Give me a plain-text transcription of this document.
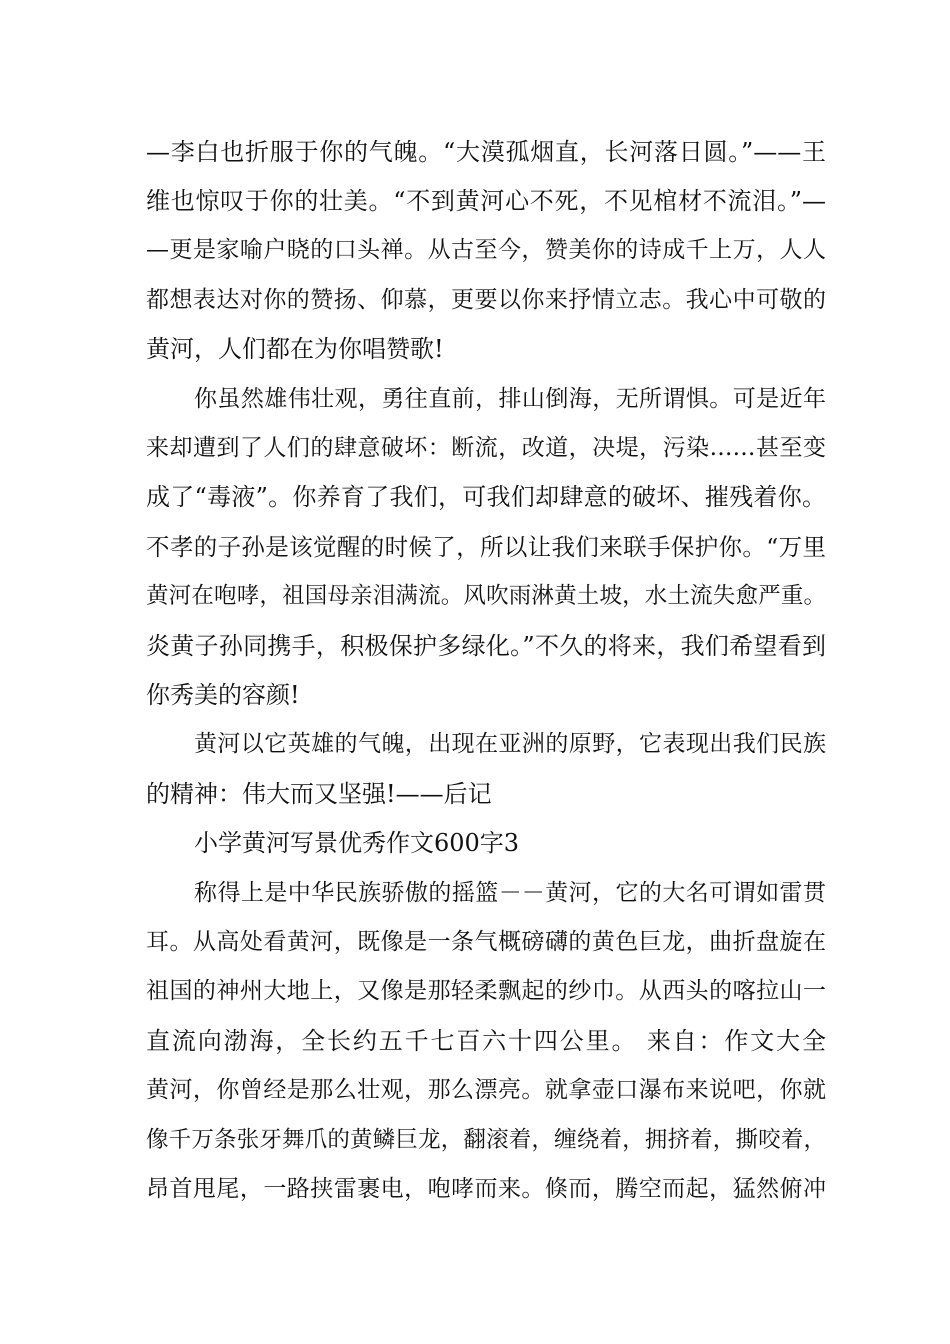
—李白也折服于你的气魄。“大漠孤烟直，长河落日圆。”——王
维也惊叹于你的壮美。“不到黄河心不死，不见棺材不流泪。”—
—更是家喻户晓的口头禅。从古至今，赞美你的诗成千上万，人人
都想表达对你的赞扬、仰慕，更要以你来抒情立志。我心中可敬的
黄河，人们都在为你唱赞歌!
你虽然雄伟壮观，勇往直前，排山倒海，无所谓惧。可是近年
来却遭到了人们的肆意破坏：断流，改道，决堤，污染……甚至变
成了“毒液”。你养育了我们，可我们却肆意的破坏、摧残着你。
不孝的子孙是该觉醒的时候了，所以让我们来联手保护你。“万里
黄河在咆哮，祖国母亲泪满流。风吹雨淋黄土坡，水土流失愈严重。
炎黄子孙同携手，积极保护多绿化。”不久的将来，我们希望看到
你秀美的容颜!
黄河以它英雄的气魄，出现在亚洲的原野，它表现出我们民族
的精神：伟大而又坚强!——后记
小学黄河写景优秀作文600字3
称得上是中华民族骄傲的摇篮－－黄河，它的大名可谓如雷贯
耳。从高处看黄河，既像是一条气概磅礴的黄色巨龙，曲折盘旋在
祖国的神州大地上，又像是那轻柔飘起的纱巾。从西头的喀拉山一
直流向渤海，全长约五千七百六十四公里。 来自：作文大全
黄河，你曾经是那么壮观，那么漂亮。就拿壶口瀑布来说吧，你就
像千万条张牙舞爪的黄鳞巨龙，翻滚着，缠绕着，拥挤着，撕咬着，
昂首甩尾，一路挟雷裹电，咆哮而来。倏而，腾空而起，猛然俯冲
